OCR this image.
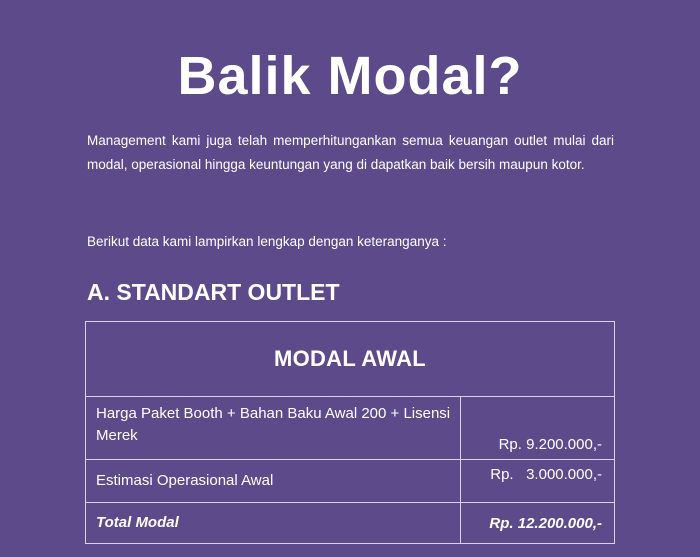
Balik Modal?
Management kami juga telah memperhitungankan semua keuangan outlet mulai dari modal, operasional hingga keuntungan yang di dapatkan baik bersih maupun kotor.
Berikut data kami lampirkan lengkap dengan keteranganya :
A. STANDART OUTLET
MODAL AWAL	
Harga Paket Booth + Bahan Baku Awal 200 + Lisensi Merek	Rp. 9.200.000,-
Estimasi Operasional Awal	Rp.   3.000.000,-
Total Modal	Rp. 12.200.000,-
